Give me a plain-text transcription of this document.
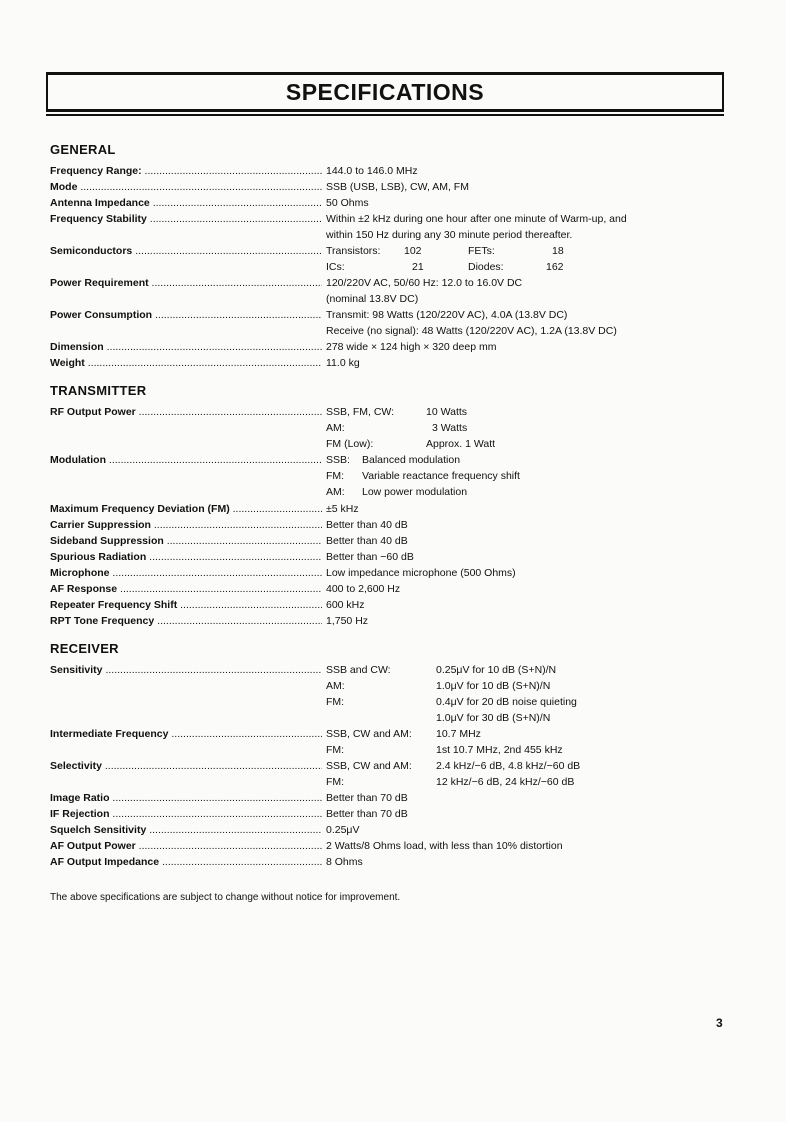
SPECIFICATIONS
GENERAL
Frequency Range: .....	144.0 to 146.0 MHz
Mode .....	SSB (USB, LSB), CW, AM, FM
Antenna Impedance .....	50 Ohms
Frequency Stability .....	Within ±2 kHz during one hour after one minute of Warm-up, and
within 150 Hz during any 30 minute period thereafter.
Semiconductors .....	Transistors: 102	FETs:	18
ICs:	21	Diodes:	162
Power Requirement .....	120/220V AC, 50/60 Hz: 12.0 to 16.0V DC
(nominal 13.8V DC)
Power Consumption .....	Transmit: 98 Watts (120/220V AC), 4.0A (13.8V DC)
Receive (no signal): 48 Watts (120/220V AC), 1.2A (13.8V DC)
Dimension .....	278 wide × 124 high × 320 deep mm
Weight .....	11.0 kg
TRANSMITTER
RF Output Power .....	SSB, FM, CW:	10 Watts
AM:	3 Watts
FM (Low):	Approx. 1 Watt
Modulation .....	SSB: Balanced modulation
FM: Variable reactance frequency shift
AM: Low power modulation
Maximum Frequency Deviation (FM) .....	±5 kHz
Carrier Suppression .....	Better than 40 dB
Sideband Suppression .....	Better than 40 dB
Spurious Radiation .....	Better than −60 dB
Microphone .....	Low impedance microphone (500 Ohms)
AF Response .....	400 to 2,600 Hz
Repeater Frequency Shift .....	600 kHz
RPT Tone Frequency .....	1,750 Hz
RECEIVER
Sensitivity .....	SSB and CW:	0.25μV for 10 dB (S+N)/N
AM:	1.0μV for 10 dB (S+N)/N
FM:	0.4μV for 20 dB noise quieting
1.0μV for 30 dB (S+N)/N
Intermediate Frequency .....	SSB, CW and AM: 10.7 MHz
FM:	1st 10.7 MHz, 2nd 455 kHz
Selectivity .....	SSB, CW and AM: 2.4 kHz/−6 dB, 4.8 kHz/−60 dB
FM:	12 kHz/−6 dB, 24 kHz/−60 dB
Image Ratio .....	Better than 70 dB
IF Rejection .....	Better than 70 dB
Squelch Sensitivity .....	0.25μV
AF Output Power .....	2 Watts/8 Ohms load, with less than 10% distortion
AF Output Impedance .....	8 Ohms
The above specifications are subject to change without notice for improvement.
3
